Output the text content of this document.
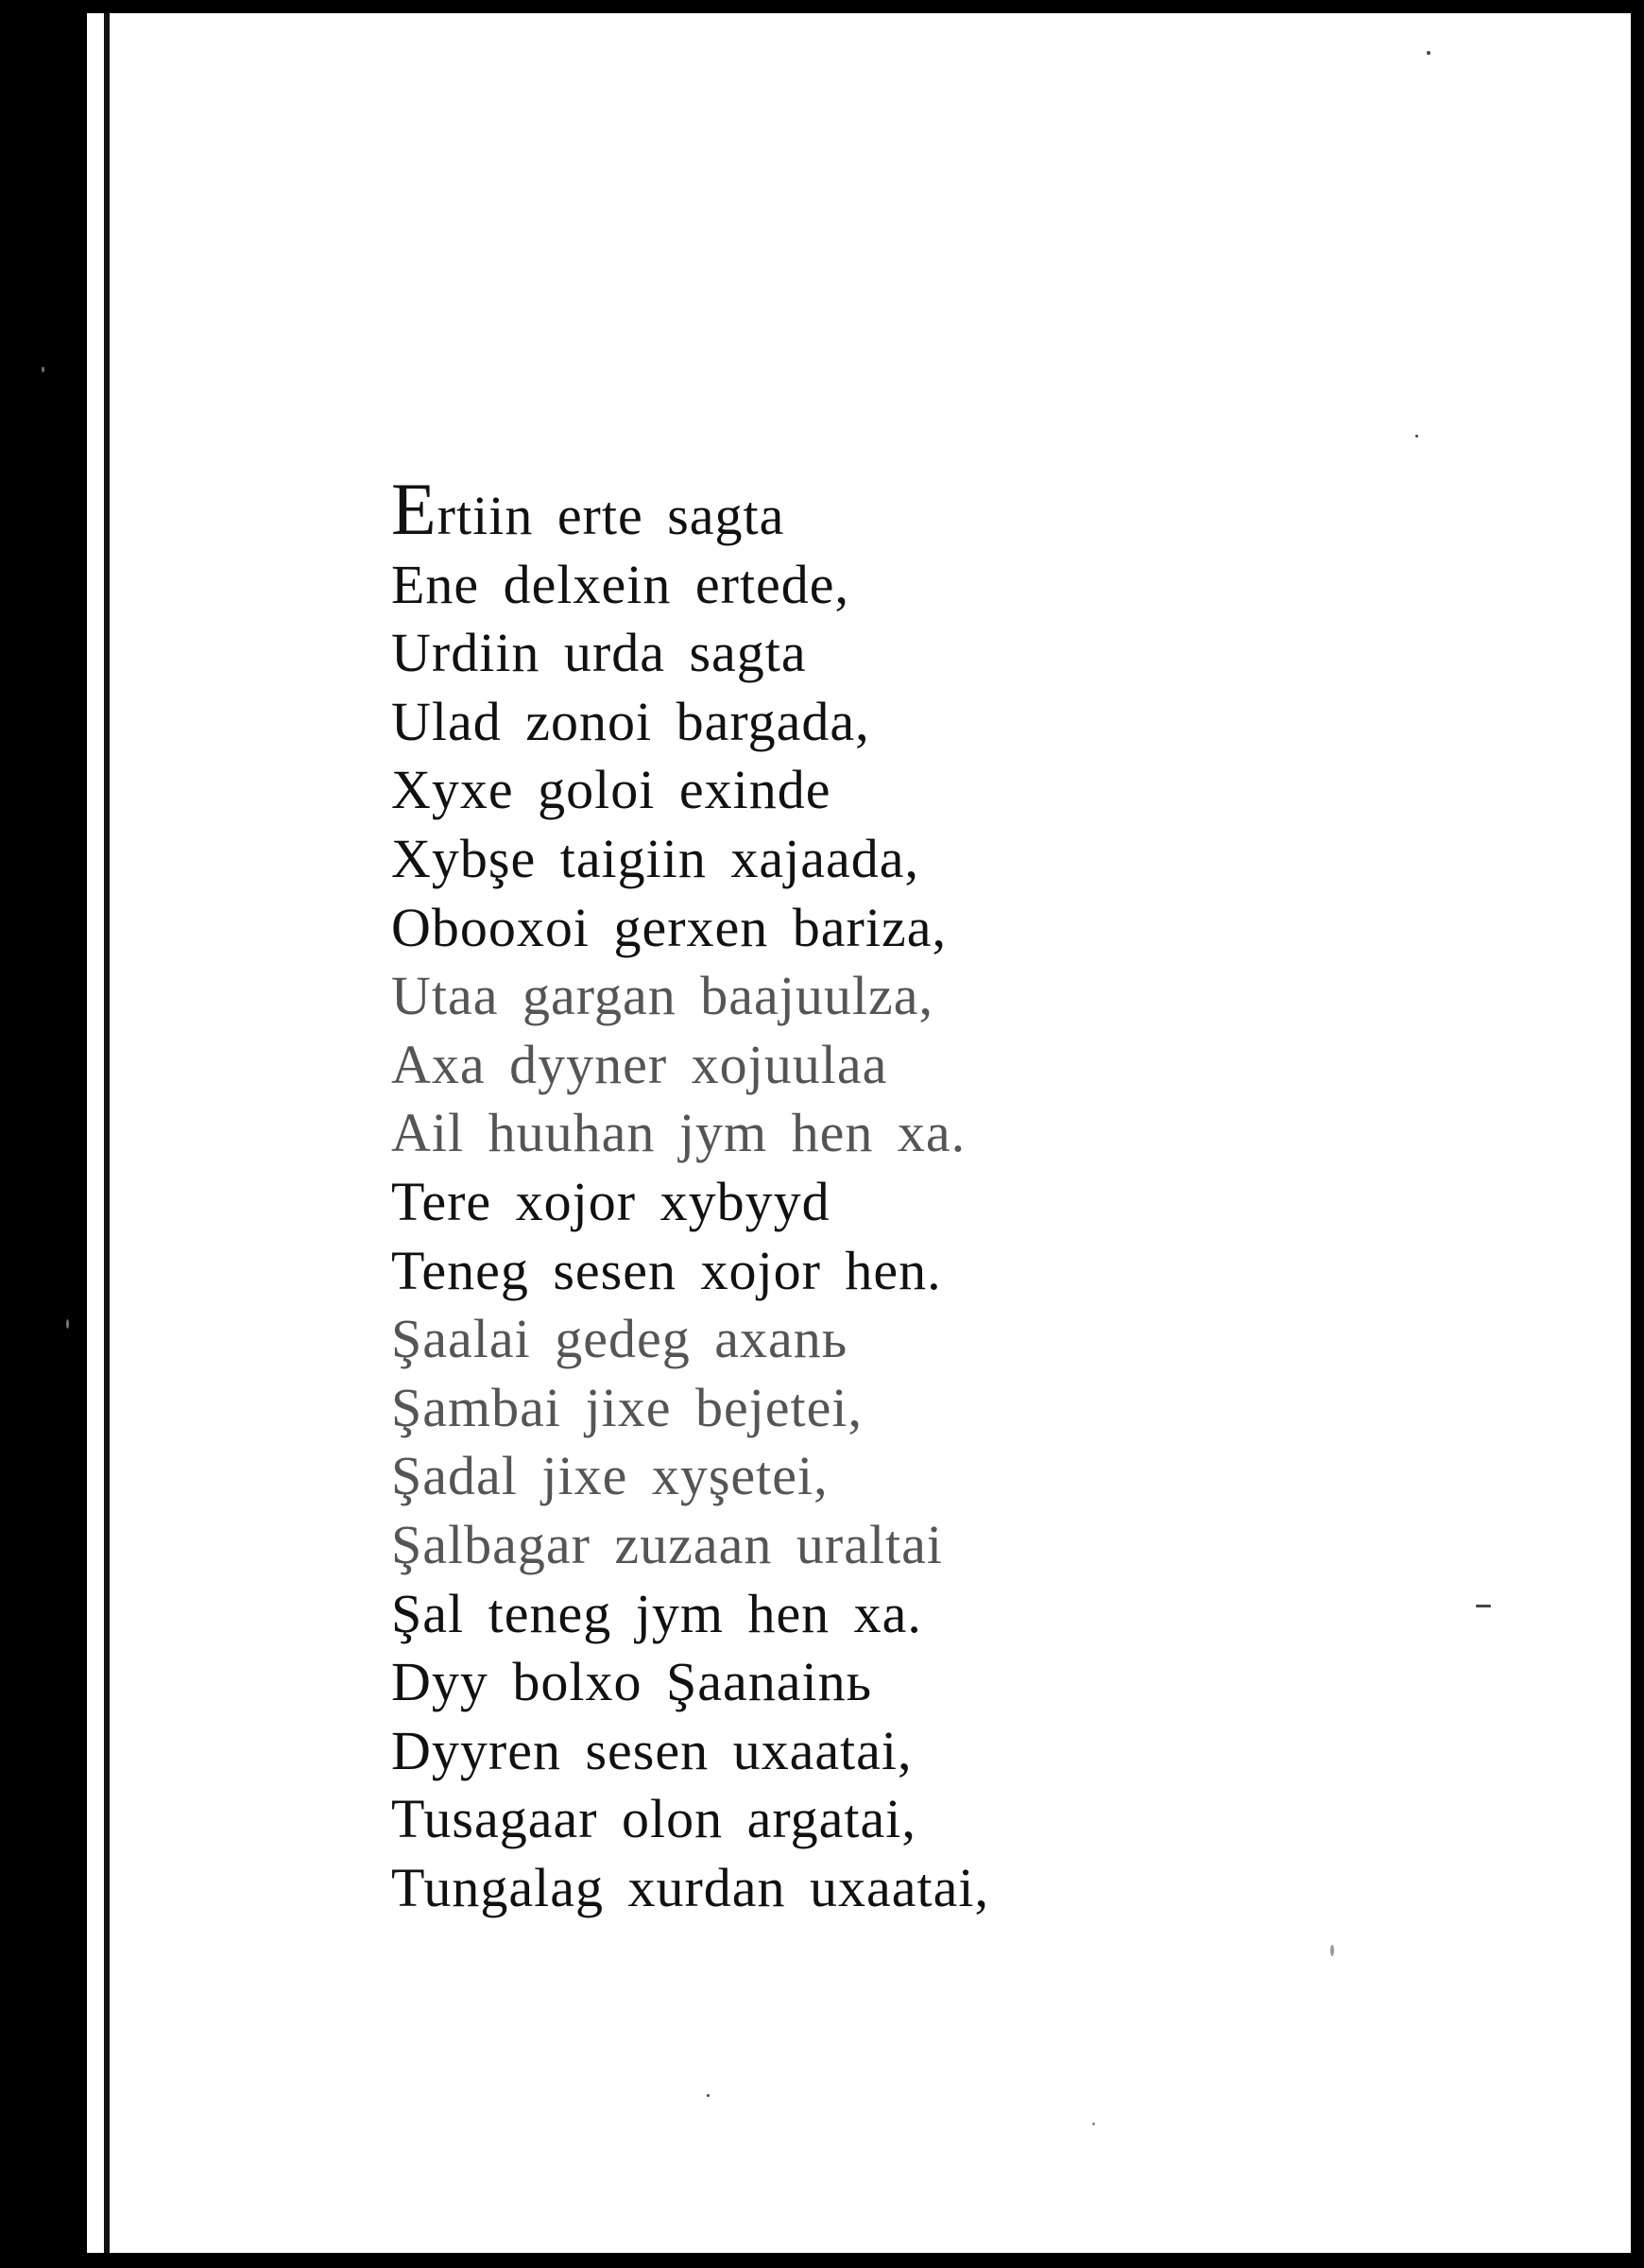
Ertiin erte sagta
Ene delxein ertede,
Urdiin urda sagta
Ulad zonoi bargada,
Xyxe goloi exinde
Xybşe taigiin xajaada,
Obooxoi gerxen bariza,
Utaa gargan baajuulza,
Axa dyyner xojuulaa
Ail huuhan jym hen xa.
Tere xojor xybyyd
Teneg sesen xojor hen.
Şaalai gedeg axanь
Şambai jixe bejetei,
Şadal jixe xyşetei,
Şalbagar zuzaan uraltai
Şal teneg jym hen xa.
Dyy bolxo Şaanainь
Dyyren sesen uxaatai,
Tusagaar olon argatai,
Tungalag xurdan uxaatai,
